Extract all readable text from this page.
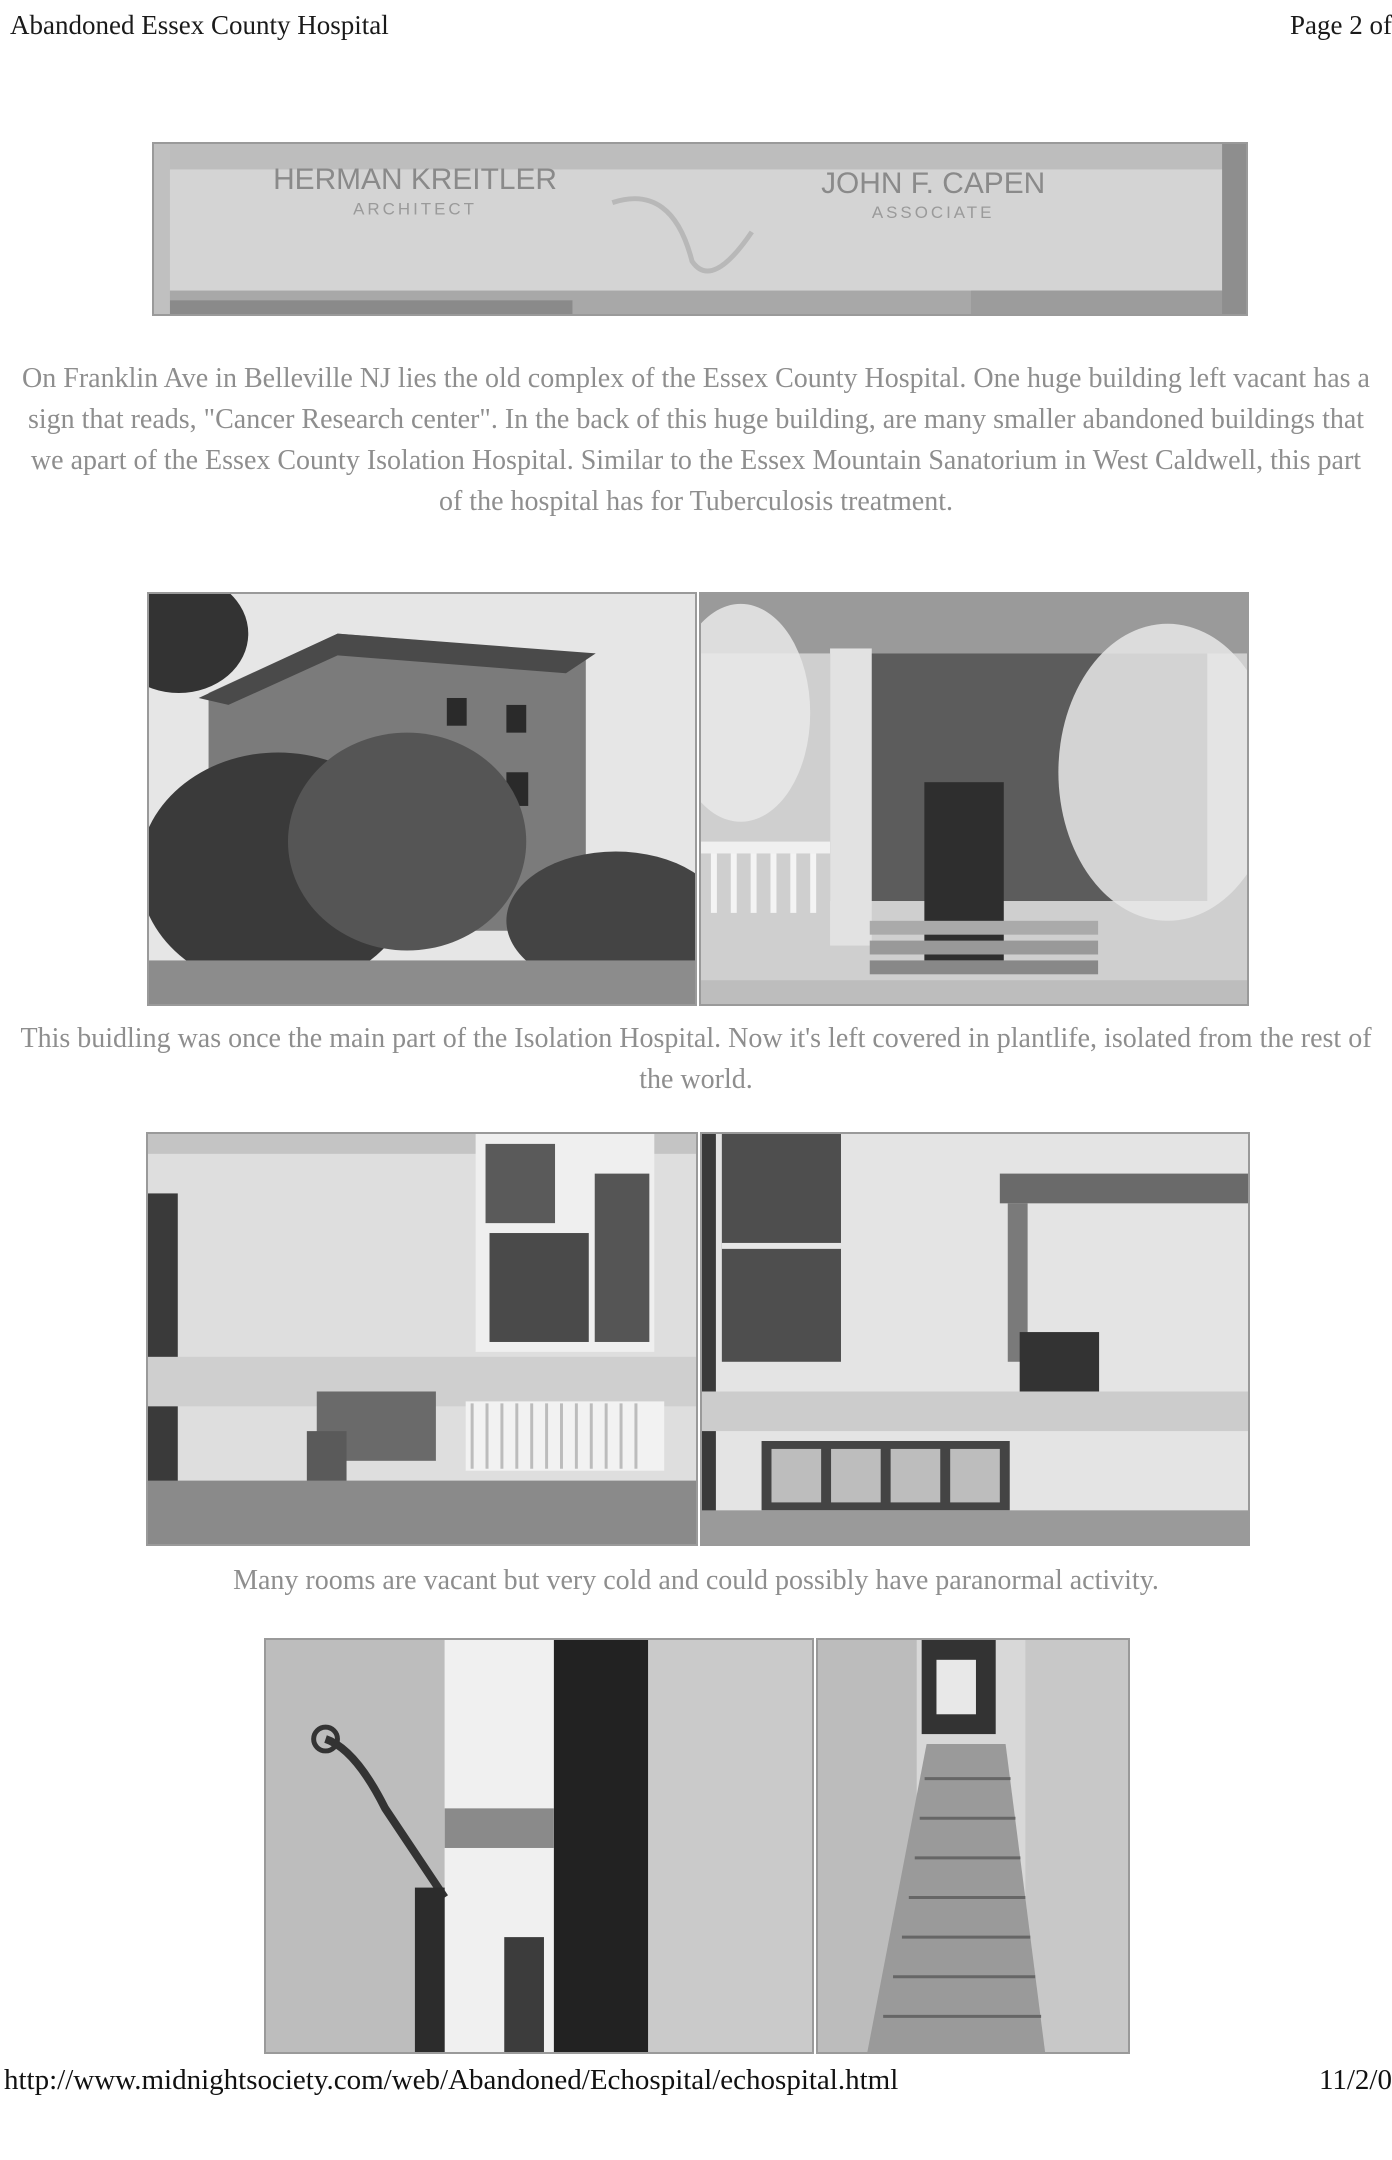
Abandoned Essex County Hospital	Page 2 of
HERMAN KREITLER
ARCHITECT
JOHN F. CAPEN
ASSOCIATE
On Franklin Ave in Belleville NJ lies the old complex of the Essex County Hospital. One huge building left vacant has a sign that reads, "Cancer Research center". In the back of this huge building, are many smaller abandoned buildings that we apart of the Essex County Isolation Hospital. Similar to the Essex Mountain Sanatorium in West Caldwell, this part of the hospital has for Tuberculosis treatment.
This buidling was once the main part of the Isolation Hospital. Now it's left covered in plantlife, isolated from the rest of the world.
Many rooms are vacant but very cold and could possibly have paranormal activity.
http://www.midnightsociety.com/web/Abandoned/Echospital/echospital.html	11/2/0
